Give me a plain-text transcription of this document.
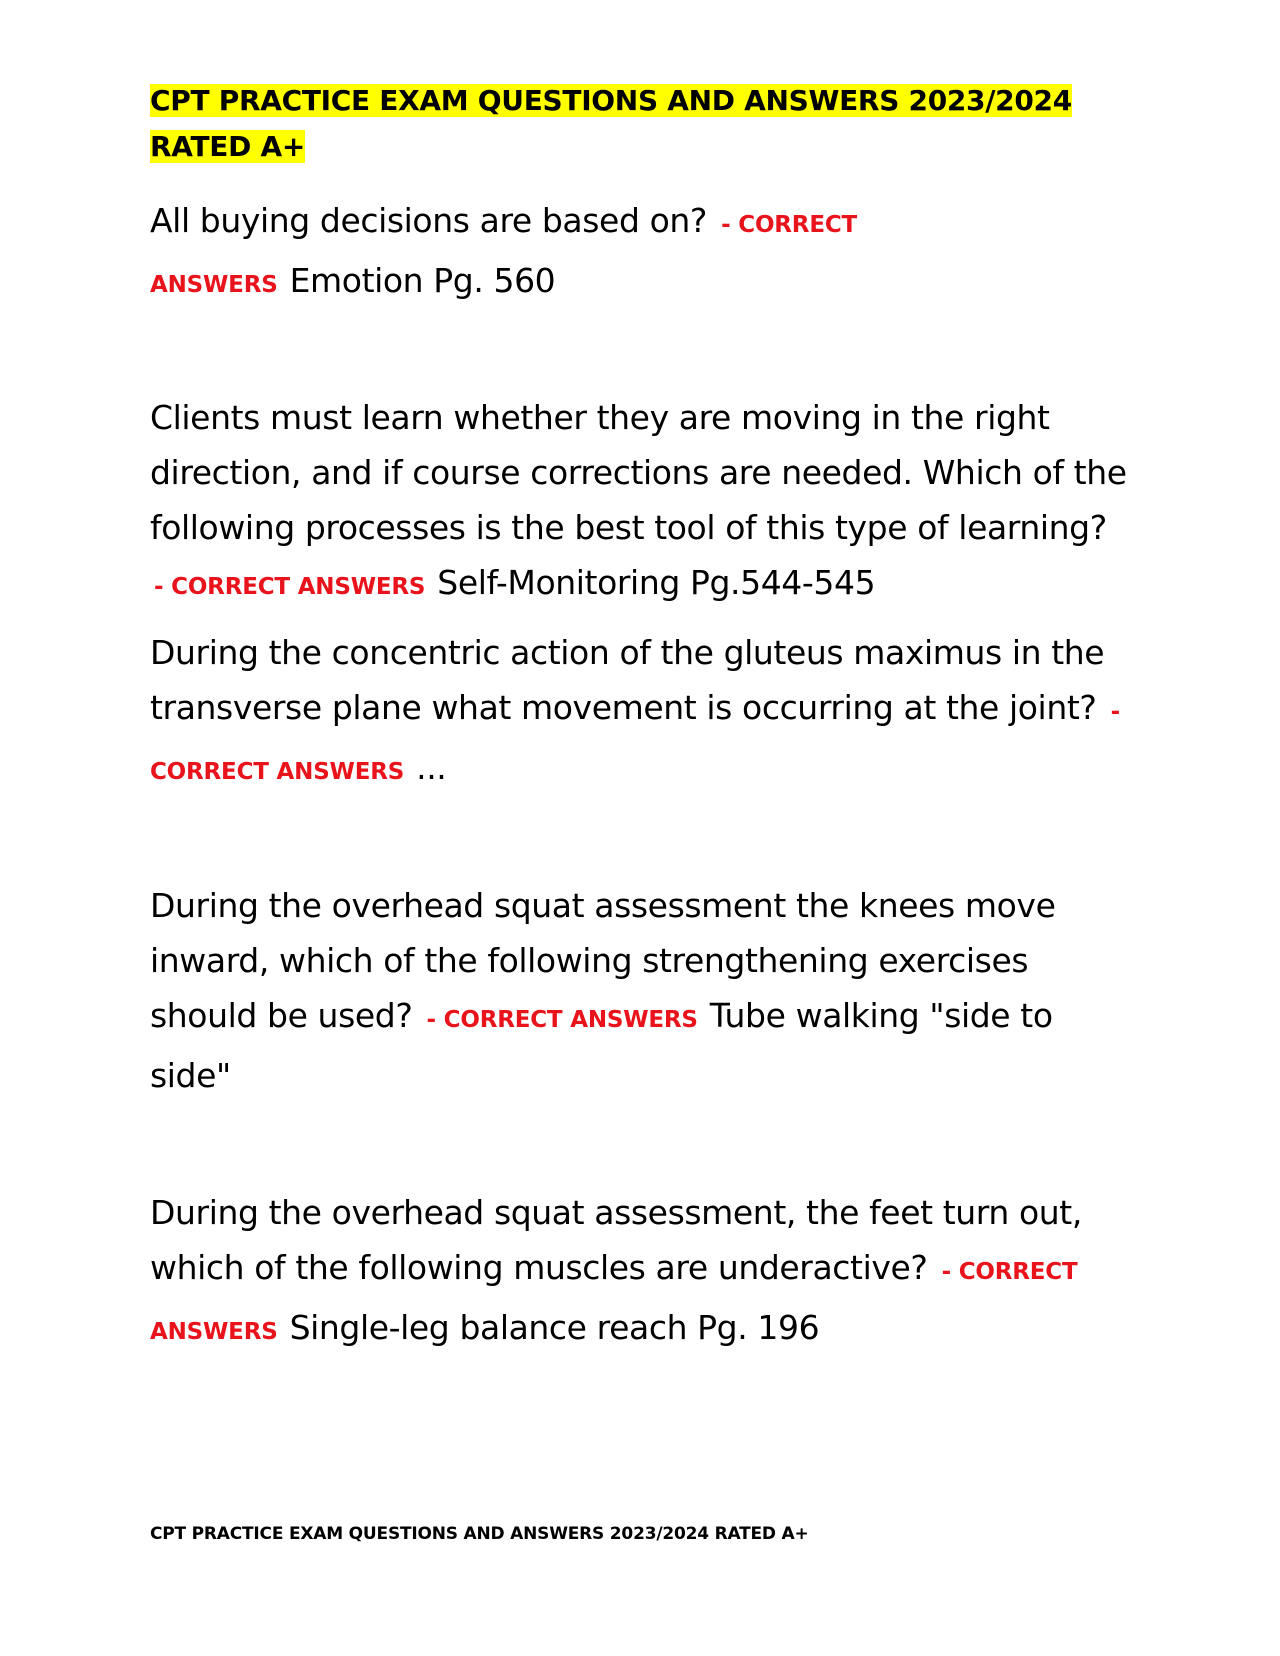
CPT PRACTICE EXAM QUESTIONS AND ANSWERS 2023/2024 RATED A+

All buying decisions are based on? - CORRECT ANSWERS Emotion Pg. 560

Clients must learn whether they are moving in the right direction, and if course corrections are needed. Which of the following processes is the best tool of this type of learning? - CORRECT ANSWERS Self-Monitoring Pg.544-545

During the concentric action of the gluteus maximus in the transverse plane what movement is occurring at the joint? - CORRECT ANSWERS ...

During the overhead squat assessment the knees move inward, which of the following strengthening exercises should be used? - CORRECT ANSWERS Tube walking "side to side"

During the overhead squat assessment, the feet turn out, which of the following muscles are underactive? - CORRECT ANSWERS Single-leg balance reach Pg. 196

CPT PRACTICE EXAM QUESTIONS AND ANSWERS 2023/2024 RATED A+
